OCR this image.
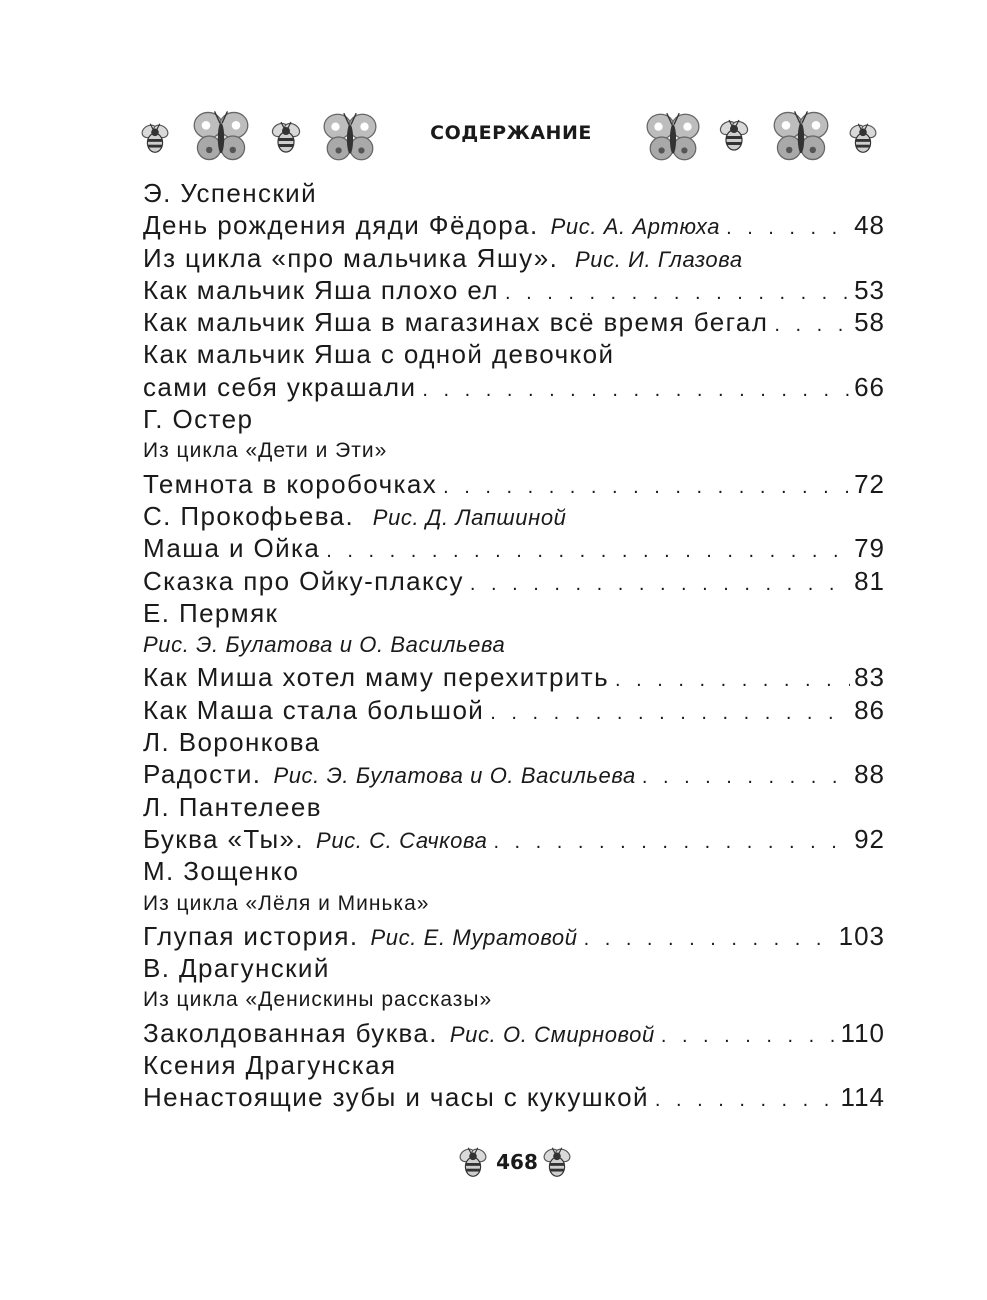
СОДЕРЖАНИЕ
Э. Успенский
День рождения дяди Фёдора. Рис. А. Артюха . . .	48
Из цикла «про мальчика Яшу». Рис. И. Глазова
Как мальчик Яша плохо ел . . .	53
Как мальчик Яша в магазинах всё время бегал . . .	58
Как мальчик Яша с одной девочкой
сами себя украшали . . .	66
Г. Остер
Из цикла «Дети и Эти»
Темнота в коробочках . . .	72
С. Прокофьева. Рис. Д. Лапшиной
Маша и Ойка . . .	79
Сказка про Ойку-плаксу . . .	81
Е. Пермяк
Рис. Э. Булатова и О. Васильева
Как Миша хотел маму перехитрить . . .	83
Как Маша стала большой . . .	86
Л. Воронкова
Радости. Рис. Э. Булатова и О. Васильева . . .	88
Л. Пантелеев
Буква «Ты». Рис. С. Сачкова . . .	92
М. Зощенко
Из цикла «Лёля и Минька»
Глупая история. Рис. Е. Муратовой . . .	103
В. Драгунский
Из цикла «Денискины рассказы»
Заколдованная буква. Рис. О. Смирновой . . .	110
Ксения Драгунская
Ненастоящие зубы и часы с кукушкой . . .	114
468
